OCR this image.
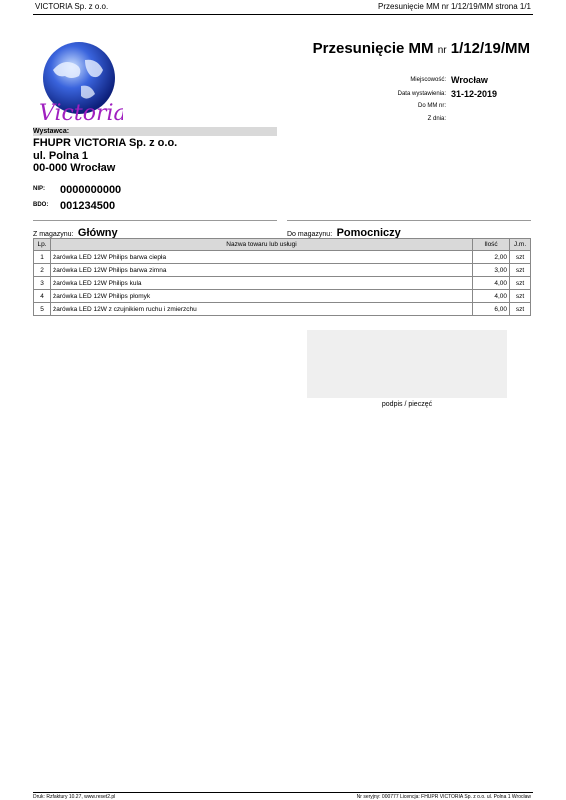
VICTORIA Sp. z o.o.	Przesunięcie MM nr 1/12/19/MM strona 1/1
Victoria
Przesunięcie MM nr 1/12/19/MM
Miejscowość: Wrocław
Data wystawienia: 31-12-2019
Do MM nr:
Z dnia:
Wystawca:
FHUPR VICTORIA Sp. z o.o.
ul. Polna 1
00-000 Wrocław
NIP: 0000000000
BDO: 001234500
Z magazynu: Główny	Do magazynu: Pomocniczy
Lp.	Nazwa towaru lub usługi	Ilość	J.m.
1	żarówka LED 12W Philips barwa ciepła	2,00	szt
2	żarówka LED 12W Philips barwa zimna	3,00	szt
3	żarówka LED 12W Philips kula	4,00	szt
4	żarówka LED 12W Philips płomyk	4,00	szt
5	żarówka LED 12W z czujnikiem ruchu i zmierzchu	6,00	szt
podpis / pieczęć
Druk: Rzfaktury 10.27, www.reset2.pl	Nr seryjny: 000777 Licencja: FHUPR VICTORIA Sp. z o.o. ul. Polna 1 Wrocław
